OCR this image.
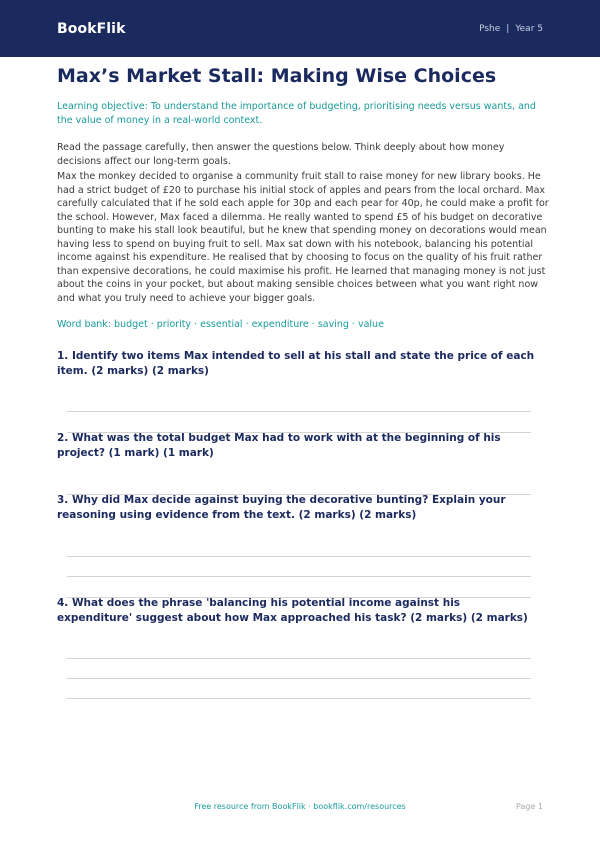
BookFlik	Pshe | Year 5
Max’s Market Stall: Making Wise Choices

Learning objective: To understand the importance of budgeting, prioritising needs versus wants, and the value of money in a real-world context.

Read the passage carefully, then answer the questions below. Think deeply about how money decisions affect our long-term goals.

Max the monkey decided to organise a community fruit stall to raise money for new library books. He had a strict budget of £20 to purchase his initial stock of apples and pears from the local orchard. Max carefully calculated that if he sold each apple for 30p and each pear for 40p, he could make a profit for the school. However, Max faced a dilemma. He really wanted to spend £5 of his budget on decorative bunting to make his stall look beautiful, but he knew that spending money on decorations would mean having less to spend on buying fruit to sell. Max sat down with his notebook, balancing his potential income against his expenditure. He realised that by choosing to focus on the quality of his fruit rather than expensive decorations, he could maximise his profit. He learned that managing money is not just about the coins in your pocket, but about making sensible choices between what you want right now and what you truly need to achieve your bigger goals.

Word bank: budget · priority · essential · expenditure · saving · value

1. Identify two items Max intended to sell at his stall and state the price of each item. (2 marks) (2 marks)

2. What was the total budget Max had to work with at the beginning of his project? (1 mark) (1 mark)

3. Why did Max decide against buying the decorative bunting? Explain your reasoning using evidence from the text. (2 marks) (2 marks)

4. What does the phrase 'balancing his potential income against his expenditure' suggest about how Max approached his task? (2 marks) (2 marks)

Free resource from BookFlik · bookflik.com/resources	Page 1
